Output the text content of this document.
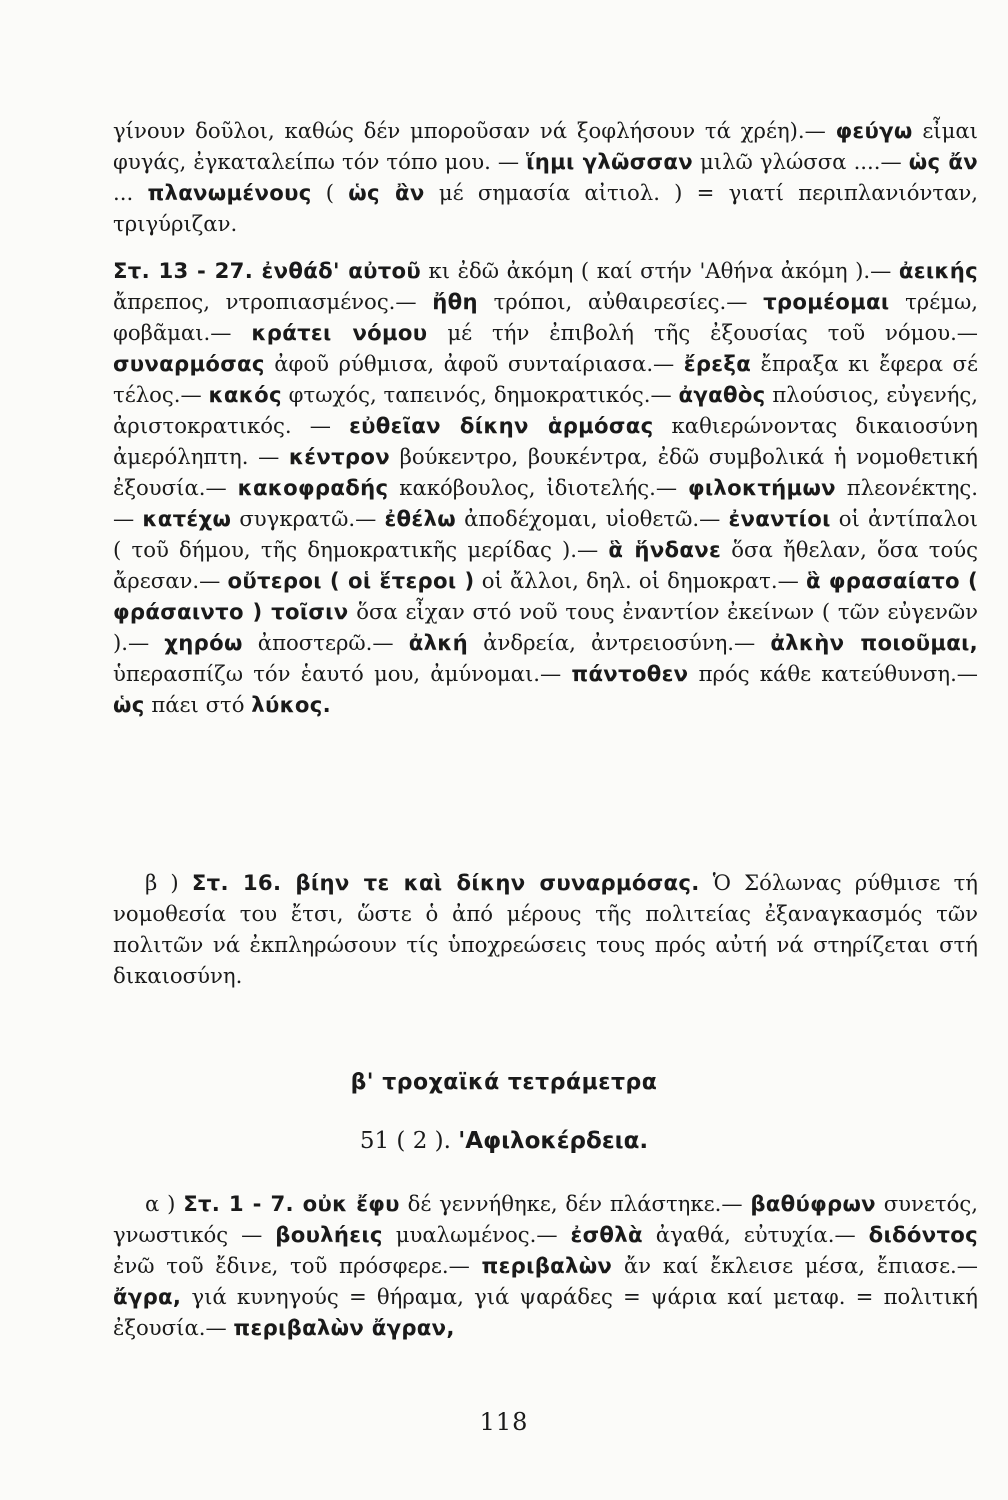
γίνουν δοῦλοι, καθώς δέν μποροῦσαν νά ξοφλήσουν τά χρέη).— φεύγω εἶμαι φυγάς, ἐγκαταλείπω τόν τόπο μου. — ἵημι γλῶσσαν μιλῶ γλώσσα ....— ὡς ἄν ... πλανωμένους ( ὡς ἂν μέ σημασία αἰτιολ. ) = γιατί περιπλανιόνταν, τριγύριζαν.

Στ. 13 - 27. ἐνθάδ' αὐτοῦ κι ἐδῶ ἀκόμη ( καί στήν 'Αθήνα ἀκόμη ).— ἀεικής ἄπρεπος, ντροπιασμένος.— ἤθη τρόποι, αὐθαιρεσίες.— τρομέομαι τρέμω, φοβᾶμαι.— κράτει νόμου μέ τήν ἐπιβολή τῆς ἐξουσίας τοῦ νόμου.— συναρμόσας ἀφοῦ ρύθμισα, ἀφοῦ συνταίριασα.— ἔρεξα ἔπραξα κι ἔφερα σέ τέλος.— κακός φτωχός, ταπεινός, δημοκρατικός.— ἀγαθὸς πλούσιος, εὐγενής, ἀριστοκρατικός. — εὐθεῖαν δίκην ἁρμόσας καθιερώνοντας δικαιοσύνη ἀμερόληπτη. — κέντρον βούκεντρο, βουκέντρα, ἐδῶ συμβολικά ἡ νομοθετική ἐξουσία.— κακοφραδής κακόβουλος, ἰδιοτελής.— φιλοκτήμων πλεονέκτης.— κατέχω συγκρατῶ.— ἐθέλω ἀποδέχομαι, υἱοθετῶ.— ἐναντίοι οἱ ἀντίπαλοι ( τοῦ δήμου, τῆς δημοκρατικῆς μερίδας ).— ἃ ἥνδανε ὅσα ἤθελαν, ὅσα τούς ἄρεσαν.— οὔτεροι ( οἱ ἕτεροι ) οἱ ἄλλοι, δηλ. οἱ δημοκρατ.— ἃ φρασαίατο ( φράσαιντο ) τοῖσιν ὅσα εἶχαν στό νοῦ τους ἐναντίον ἐκείνων ( τῶν εὐγενῶν ).— χηρόω ἀποστερῶ.— ἀλκή ἀνδρεία, ἀντρειοσύνη.— ἀλκὴν ποιοῦμαι, ὑπερασπίζω τόν ἑαυτό μου, ἀμύνομαι.— πάντοθεν πρός κάθε κατεύθυνση.— ὡς πάει στό λύκος.

β ) Στ. 16. βίην τε καὶ δίκην συναρμόσας. Ὁ Σόλωνας ρύθμισε τή νομοθεσία του ἔτσι, ὥστε ὁ ἀπό μέρους τῆς πολιτείας ἐξαναγκασμός τῶν πολιτῶν νά ἐκπληρώσουν τίς ὑποχρεώσεις τους πρός αὐτή νά στηρίζεται στή δικαιοσύνη.

β' τροχαϊκά τετράμετρα
51 ( 2 ). 'Αφιλοκέρδεια.

α ) Στ. 1 - 7. οὐκ ἔφυ δέ γεννήθηκε, δέν πλάστηκε.— βαθύφρων συνετός, γνωστικός — βουλήεις μυαλωμένος.— ἐσθλὰ ἀγαθά, εὐτυχία.— διδόντος ἐνῶ τοῦ ἔδινε, τοῦ πρόσφερε.— περιβαλὼν ἄν καί ἔκλεισε μέσα, ἔπιασε.— ἄγρα, γιά κυνηγούς = θήραμα, γιά ψαράδες = ψάρια καί μεταφ. = πολιτική ἐξουσία.— περιβαλὼν ἄγραν,

118
